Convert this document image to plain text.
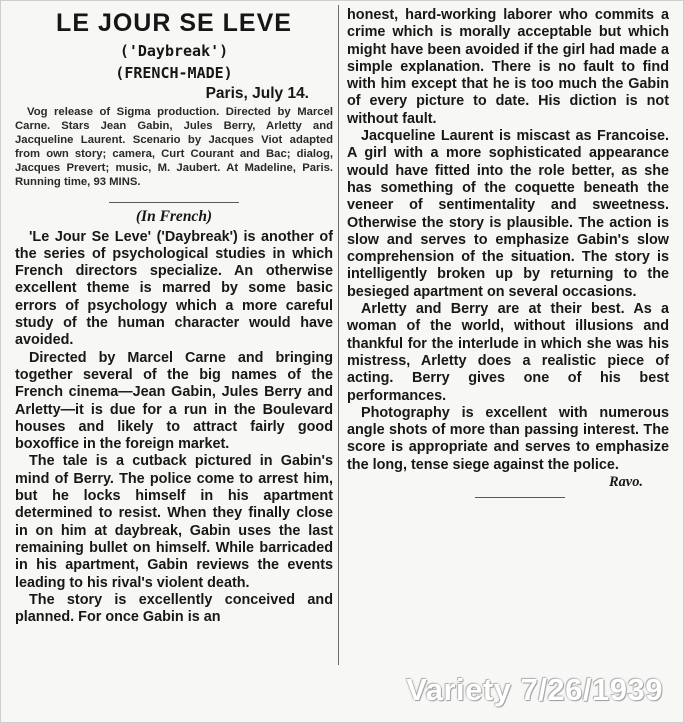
LE JOUR SE LEVE
('Daybreak')
(FRENCH-MADE)
Paris, July 14.

Vog release of Sigma production. Directed by Marcel Carne. Stars Jean Gabin, Jules Berry, Arletty and Jacqueline Laurent. Scenario by Jacques Viot adapted from own story; camera, Curt Courant and Bac; dialog, Jacques Prevert; music, M. Jaubert. At Madeline, Paris. Running time, 93 MINS.

(In French)

'Le Jour Se Leve' ('Daybreak') is another of the series of psychological studies in which French directors specialize. An otherwise excellent theme is marred by some basic errors of psychology which a more careful study of the human character would have avoided.

Directed by Marcel Carne and bringing together several of the big names of the French cinema—Jean Gabin, Jules Berry and Arletty—it is due for a run in the Boulevard houses and likely to attract fairly good boxoffice in the foreign market.

The tale is a cutback pictured in Gabin's mind of Berry. The police come to arrest him, but he locks himself in his apartment determined to resist. When they finally close in on him at daybreak, Gabin uses the last remaining bullet on himself. While barricaded in his apartment, Gabin reviews the events leading to his rival's violent death.

The story is excellently conceived and planned. For once Gabin is an

honest, hard-working laborer who commits a crime which is morally acceptable but which might have been avoided if the girl had made a simple explanation. There is no fault to find with him except that he is too much the Gabin of every picture to date. His diction is not without fault.

Jacqueline Laurent is miscast as Francoise. A girl with a more sophisticated appearance would have fitted into the role better, as she has something of the coquette beneath the veneer of sentimentality and sweetness. Otherwise the story is plausible. The action is slow and serves to emphasize Gabin's slow comprehension of the situation. The story is intelligently broken up by returning to the besieged apartment on several occasions.

Arletty and Berry are at their best. As a woman of the world, without illusions and thankful for the interlude in which she was his mistress, Arletty does a realistic piece of acting. Berry gives one of his best performances.

Photography is excellent with numerous angle shots of more than passing interest. The score is appropriate and serves to emphasize the long, tense siege against the police.

Ravo.
Variety 7/26/1939
